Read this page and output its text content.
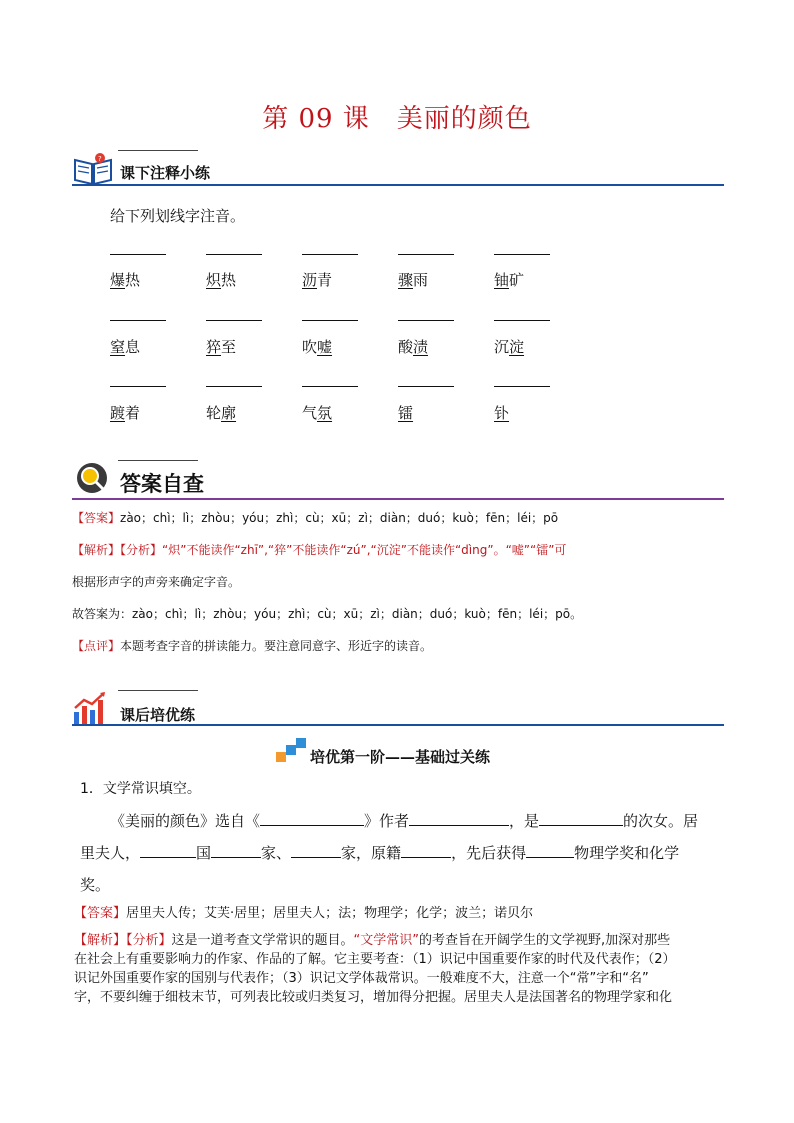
第 09 课　美丽的颜色
?
课下注释小练
给下列划线字注音。
爆热	炽热	沥青	骤雨	铀矿
窒息	猝至	吹嘘	酸渍	沉淀
踱着	轮廓	气氛	镭	钋
答案自查
【答案】zào；chì；lì；zhòu；yóu；zhì；cù；xū；zì；diàn；duó；kuò；fēn；léi；pō
【解析】【分析】“炽”不能读作“zhī”,“猝”不能读作“zú”,“沉淀”不能读作“dìng”。“嘘”“镭”可
根据形声字的声旁来确定字音。
故答案为：zào；chì；lì；zhòu；yóu；zhì；cù；xū；zì；diàn；duó；kuò；fēn；léi；pō。
【点评】本题考查字音的拼读能力。要注意同意字、形近字的读音。
课后培优练
培优第一阶——基础过关练
1．文学常识填空。
《美丽的颜色》选自《	》作者	，是	的次女。居
里夫人，	国	家、	家，原籍	，先后获得	物理学奖和化学
奖。
【答案】居里夫人传；艾芙·居里；居里夫人；法；物理学；化学；波兰；诺贝尔
【解析】【分析】这是一道考查文学常识的题目。“文学常识”的考查旨在开阔学生的文学视野,加深对那些
在社会上有重要影响力的作家、作品的了解。它主要考查：（1）识记中国重要作家的时代及代表作；（2）
识记外国重要作家的国别与代表作；（3）识记文学体裁常识。一般难度不大，注意一个“常”字和“名”
字，不要纠缠于细枝末节，可列表比较或归类复习，增加得分把握。居里夫人是法国著名的物理学家和化
